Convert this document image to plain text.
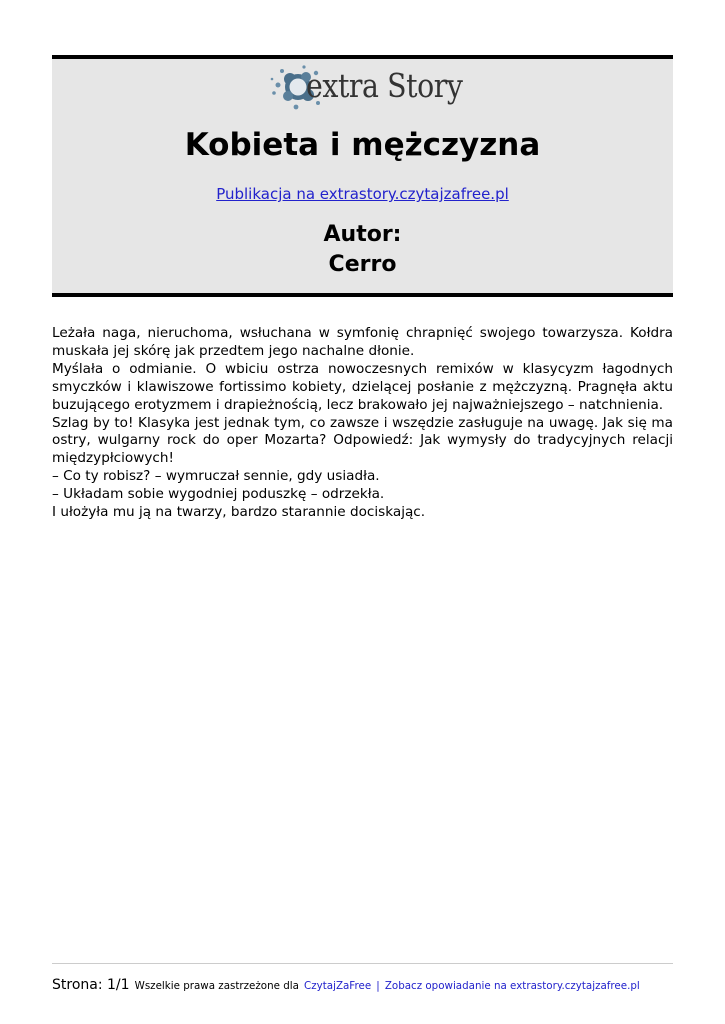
extra Story
Kobieta i mężczyzna
Publikacja na extrastory.czytajzafree.pl
Autor:
Cerro

Leżała naga, nieruchoma, wsłuchana w symfonię chrapnięć swojego towarzysza. Kołdra muskała jej skórę jak przedtem jego nachalne dłonie.

Myślała o odmianie. O wbiciu ostrza nowoczesnych remixów w klasycyzm łagodnych smyczków i klawiszowe fortissimo kobiety, dzielącej posłanie z mężczyzną. Pragnęła aktu buzującego erotyzmem i drapieżnością, lecz brakowało jej najważniejszego – natchnienia.

Szlag by to! Klasyka jest jednak tym, co zawsze i wszędzie zasługuje na uwagę. Jak się ma ostry, wulgarny rock do oper Mozarta? Odpowiedź: Jak wymysły do tradycyjnych relacji międzypłciowych!

– Co ty robisz? – wymruczał sennie, gdy usiadła.

– Układam sobie wygodniej poduszkę – odrzekła.

I ułożyła mu ją na twarzy, bardzo starannie dociskając.

Strona: 1/1 Wszelkie prawa zastrzeżone dla CzytajZaFree | Zobacz opowiadanie na extrastory.czytajzafree.pl
